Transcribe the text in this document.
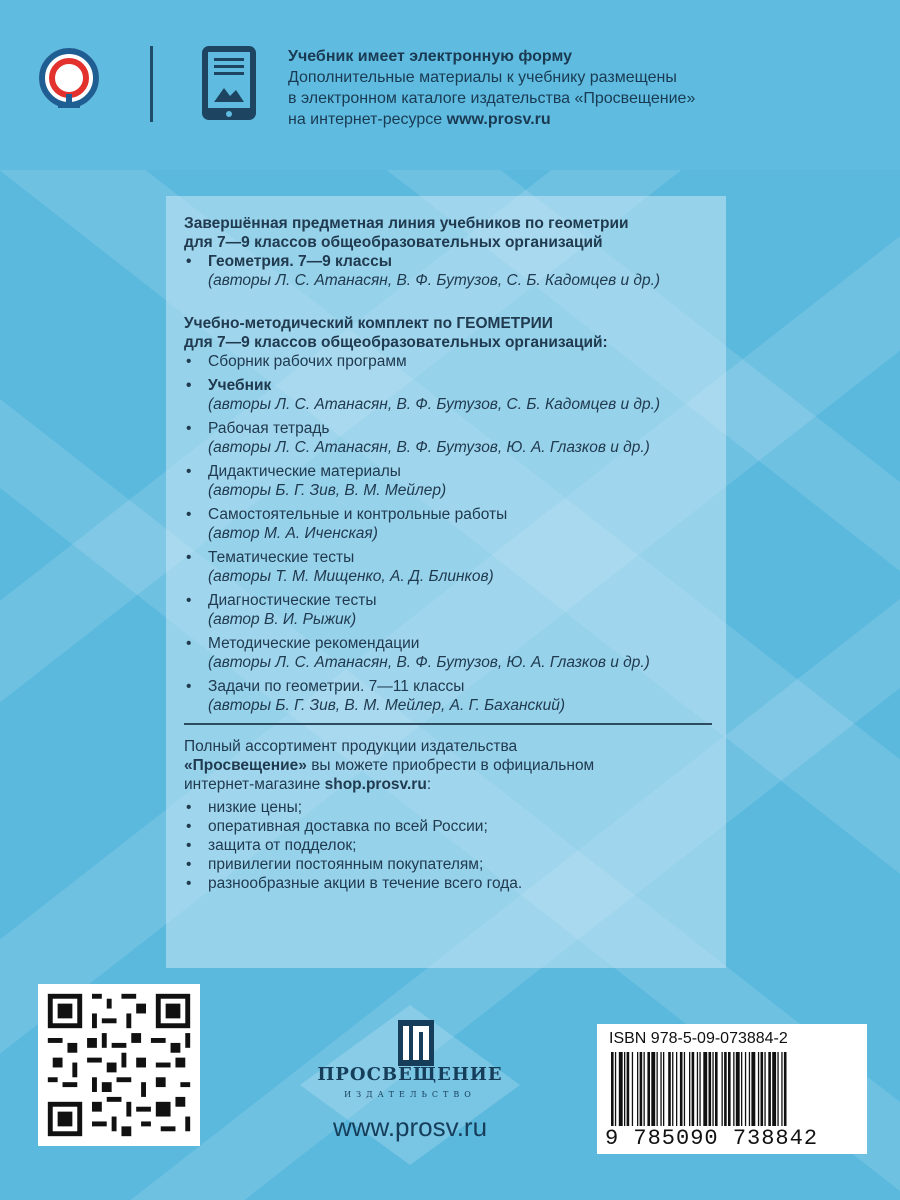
Учебник имеет электронную форму
Дополнительные материалы к учебнику размещены
в электронном каталоге издательства «Просвещение»
на интернет-ресурсе www.prosv.ru
Завершённая предметная линия учебников по геометрии
для 7—9 классов общеобразовательных организаций
• Геометрия. 7—9 классы
(авторы Л. С. Атанасян, В. Ф. Бутузов, С. Б. Кадомцев и др.)
Учебно-методический комплект по ГЕОМЕТРИИ
для 7—9 классов общеобразовательных организаций:
• Сборник рабочих программ
• Учебник
(авторы Л. С. Атанасян, В. Ф. Бутузов, С. Б. Кадомцев и др.)
• Рабочая тетрадь
(авторы Л. С. Атанасян, В. Ф. Бутузов, Ю. А. Глазков и др.)
• Дидактические материалы
(авторы Б. Г. Зив, В. М. Мейлер)
• Самостоятельные и контрольные работы
(автор М. А. Иченская)
• Тематические тесты
(авторы Т. М. Мищенко, А. Д. Блинков)
• Диагностические тесты
(автор В. И. Рыжик)
• Методические рекомендации
(авторы Л. С. Атанасян, В. Ф. Бутузов, Ю. А. Глазков и др.)
• Задачи по геометрии. 7—11 классы
(авторы Б. Г. Зив, В. М. Мейлер, А. Г. Баханский)
Полный ассортимент продукции издательства
«Просвещение» вы можете приобрести в официальном
интернет-магазине shop.prosv.ru:
• низкие цены;
• оперативная доставка по всей России;
• защита от подделок;
• привилегии постоянным покупателям;
• разнообразные акции в течение всего года.
ПРОСВЕЩЕНИЕ
ИЗДАТЕЛЬСТВО
www.prosv.ru
ISBN 978-5-09-073884-2
9 785090 738842
